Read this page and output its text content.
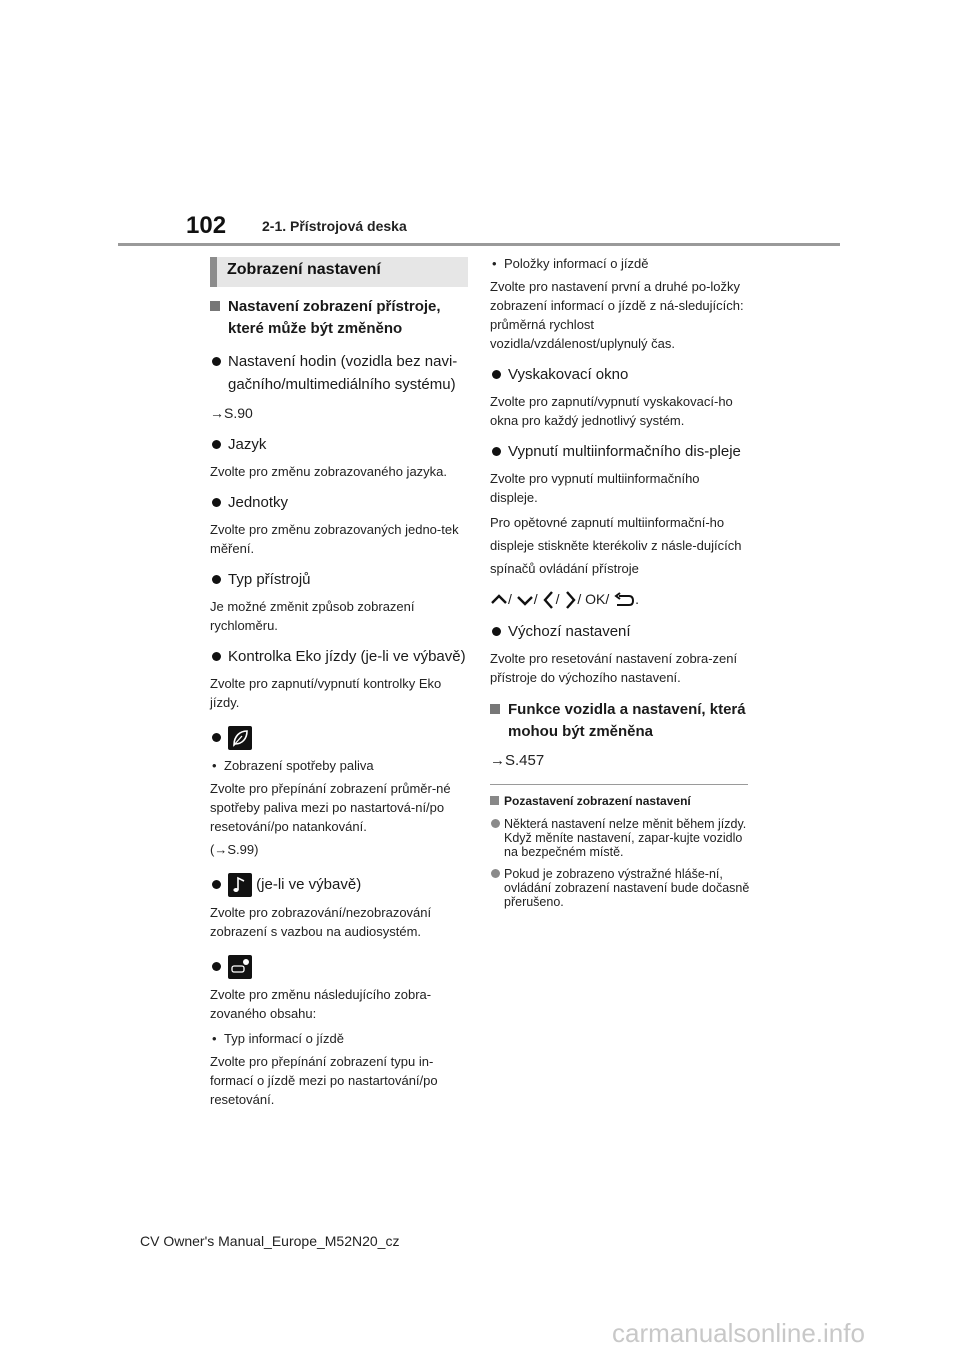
102	2-1. Přístrojová deska
Zobrazení nastavení
Nastavení zobrazení přístroje, které může být změněno
Nastavení hodin (vozidla bez navi-gačního/multimediálního systému)
→S.90
Jazyk
Zvolte pro změnu zobrazovaného jazyka.
Jednotky
Zvolte pro změnu zobrazovaných jedno-tek měření.
Typ přístrojů
Je možné změnit způsob zobrazení rychloměru.
Kontrolka Eko jízdy (je-li ve výbavě)
Zvolte pro zapnutí/vypnutí kontrolky Eko jízdy.
• Zobrazení spotřeby paliva
Zvolte pro přepínání zobrazení průměr-né spotřeby paliva mezi po nastartová-ní/po resetování/po natankování.
(→S.99)
(je-li ve výbavě)
Zvolte pro zobrazování/nezobrazování zobrazení s vazbou na audiosystém.
Zvolte pro změnu následujícího zobra-zovaného obsahu:
• Typ informací o jízdě
Zvolte pro přepínání zobrazení typu in-formací o jízdě mezi po nastartování/po resetování.
• Položky informací o jízdě
Zvolte pro nastavení první a druhé po-ložky zobrazení informací o jízdě z ná-sledujících: průměrná rychlost vozidla/vzdálenost/uplynulý čas.
Vyskakovací okno
Zvolte pro zapnutí/vypnutí vyskakovací-ho okna pro každý jednotlivý systém.
Vypnutí multiinformačního dis-pleje
Zvolte pro vypnutí multiinformačního displeje.
Pro opětovné zapnutí multiinformační-ho displeje stiskněte kterékoliv z násle-dujících spínačů ovládání přístroje
/ / / / OK/ .
Výchozí nastavení
Zvolte pro resetování nastavení zobra-zení přístroje do výchozího nastavení.
Funkce vozidla a nastavení, která mohou být změněna
→S.457
Pozastavení zobrazení nastavení
Některá nastavení nelze měnit během jízdy. Když měníte nastavení, zapar-kujte vozidlo na bezpečném místě.
Pokud je zobrazeno výstražné hláše-ní, ovládání zobrazení nastavení bude dočasně přerušeno.
CV Owner's Manual_Europe_M52N20_cz
carmanualsonline.info
